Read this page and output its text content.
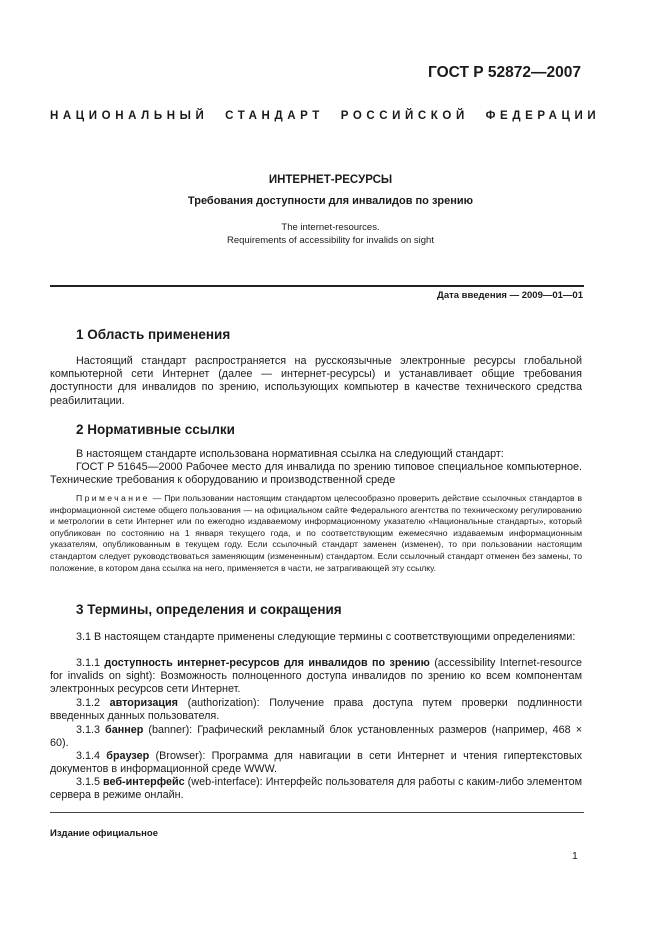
ГОСТ Р 52872—2007
НАЦИОНАЛЬНЫЙ СТАНДАРТ РОССИЙСКОЙ ФЕДЕРАЦИИ
ИНТЕРНЕТ-РЕСУРСЫ
Требования доступности для инвалидов по зрению
The internet-resources.
Requirements of accessibility for invalids on sight
Дата введения — 2009—01—01
1 Область применения
Настоящий стандарт распространяется на русскоязычные электронные ресурсы глобальной компьютерной сети Интернет (далее — интернет-ресурсы) и устанавливает общие требования доступности для инвалидов по зрению, использующих компьютер в качестве технического средства реабилитации.
2 Нормативные ссылки
В настоящем стандарте использована нормативная ссылка на следующий стандарт:
ГОСТ Р 51645—2000 Рабочее место для инвалида по зрению типовое специальное компьютерное. Технические требования к оборудованию и производственной среде
Примечание — При пользовании настоящим стандартом целесообразно проверить действие ссылочных стандартов в информационной системе общего пользования — на официальном сайте Федерального агентства по техническому регулированию и метрологии в сети Интернет или по ежегодно издаваемому информационному указателю «Национальные стандарты», который опубликован по состоянию на 1 января текущего года, и по соответствующим ежемесячно издаваемым информационным указателям, опубликованным в текущем году. Если ссылочный стандарт заменен (изменен), то при пользовании настоящим стандартом следует руководствоваться заменяющим (измененным) стандартом. Если ссылочный стандарт отменен без замены, то положение, в котором дана ссылка на него, применяется в части, не затрагивающей эту ссылку.
3 Термины, определения и сокращения
3.1 В настоящем стандарте применены следующие термины с соответствующими определениями:
3.1.1 доступность интернет-ресурсов для инвалидов по зрению (accessibility Internet-resource for invalids on sight): Возможность полноценного доступа инвалидов по зрению ко всем компонентам электронных ресурсов сети Интернет.
3.1.2 авторизация (authorization): Получение права доступа путем проверки подлинности введенных данных пользователя.
3.1.3 баннер (banner): Графический рекламный блок установленных размеров (например, 468 × 60).
3.1.4 браузер (Browser): Программа для навигации в сети Интернет и чтения гипертекстовых документов в информационной среде WWW.
3.1.5 веб-интерфейс (web-interface): Интерфейс пользователя для работы с каким-либо элементом сервера в режиме онлайн.
Издание официальное
1
